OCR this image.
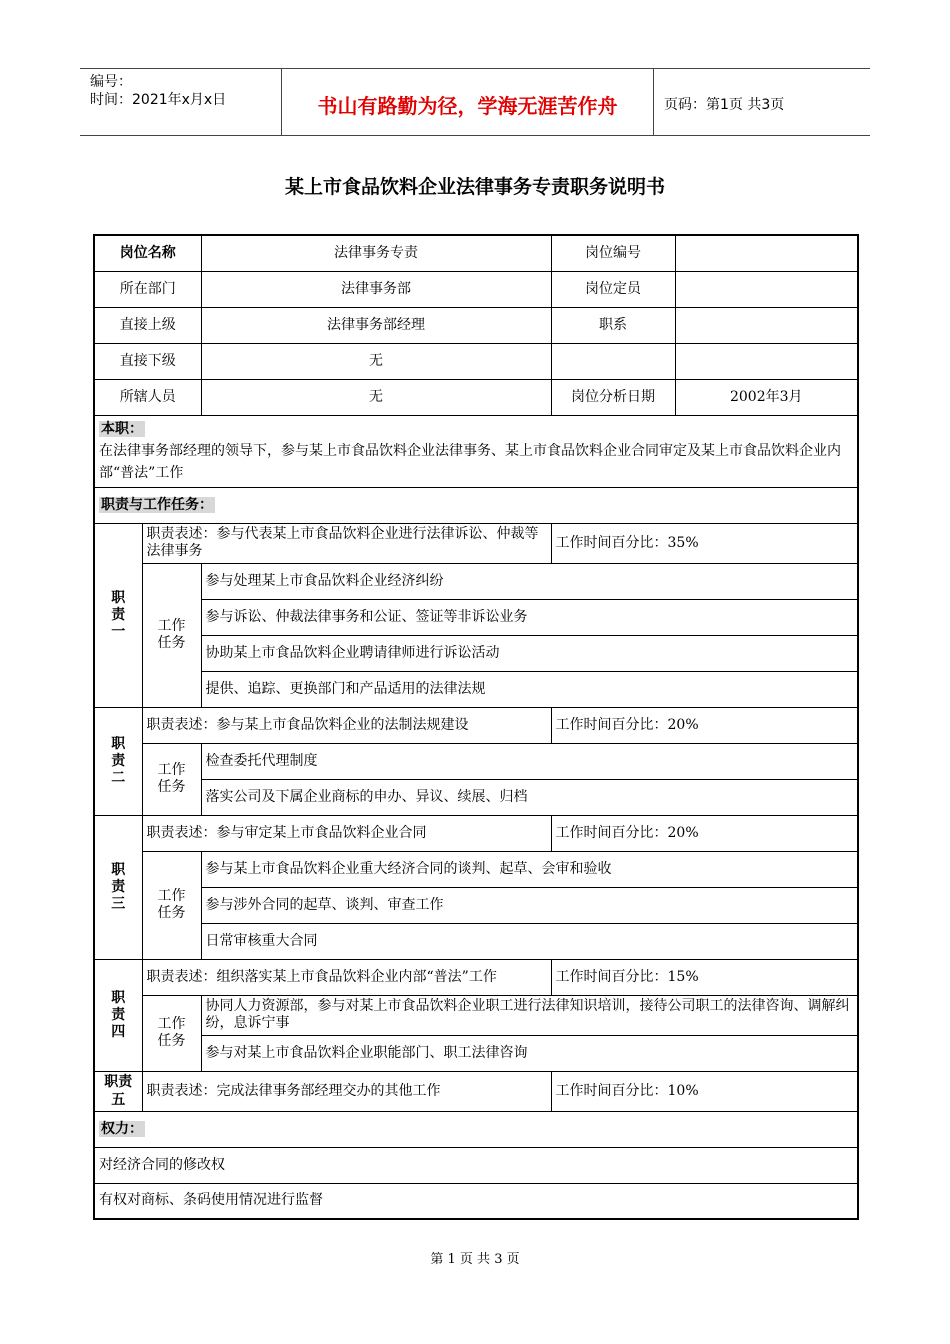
编号：
时间：2021年x月x日	书山有路勤为径，学海无涯苦作舟	页码：第1页 共3页
某上市食品饮料企业法律事务专责职务说明书
岗位名称		法律事务专责	岗位编号	
所在部门		法律事务部	岗位定员	
直接上级		法律事务部经理	职系	
直接下级		无		
所辖人员		无	岗位分析日期	2002年3月

本职：
在法律事务部经理的领导下，参与某上市食品饮料企业法律事务、某上市食品饮料企业合同审定及某上市食品饮料企业内部“普法”工作				

职责与工作任务：				
职责一	职责表述：参与代表某上市食品饮料企业进行法律诉讼、仲裁等法律事务		工作时间百分比：35%	
	工作任务	参与处理某上市食品饮料企业经济纠纷		
		参与诉讼、仲裁法律事务和公证、签证等非诉讼业务		
		协助某上市食品饮料企业聘请律师进行诉讼活动		
		提供、追踪、更换部门和产品适用的法律法规		
职责二	职责表述：参与某上市食品饮料企业的法制法规建设		工作时间百分比：20%	
	工作任务	检查委托代理制度		
		落实公司及下属企业商标的申办、异议、续展、归档		
职责三	职责表述：参与审定某上市食品饮料企业合同		工作时间百分比：20%	
	工作任务	参与某上市食品饮料企业重大经济合同的谈判、起草、会审和验收		
		参与涉外合同的起草、谈判、审查工作		
		日常审核重大合同		
职责四	职责表述：组织落实某上市食品饮料企业内部“普法”工作		工作时间百分比：15%	
	工作任务	协同人力资源部，参与对某上市食品饮料企业职工进行法律知识培训，接待公司职工的法律咨询、调解纠纷，息诉宁事		
		参与对某上市食品饮料企业职能部门、职工法律咨询		
职责五	职责表述：完成法律事务部经理交办的其他工作		工作时间百分比：10%	
权力：				
对经济合同的修改权				
有权对商标、条码使用情况进行监督				
第 1 页 共 3 页
